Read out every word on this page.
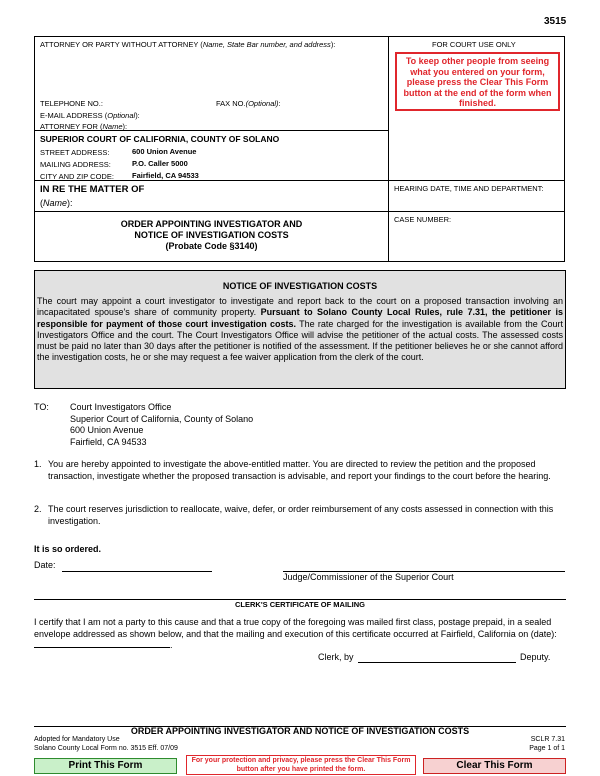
3515
ATTORNEY OR PARTY WITHOUT ATTORNEY (Name, State Bar number, and address):	FOR COURT USE ONLY
To keep other people from seeing what you entered on your form, please press the Clear This Form button at the end of the form when finished.
TELEPHONE NO.:	FAX NO.(Optional):
E-MAIL ADDRESS (Optional):
ATTORNEY FOR (Name):
SUPERIOR COURT OF CALIFORNIA, COUNTY OF SOLANO
STREET ADDRESS:	600 Union Avenue
MAILING ADDRESS:	P.O. Caller 5000
CITY AND ZIP CODE: Fairfield, CA 94533
IN RE THE MATTER OF
(Name):
HEARING DATE, TIME AND DEPARTMENT:
CASE NUMBER:
ORDER APPOINTING INVESTIGATOR AND
NOTICE OF INVESTIGATION COSTS
(Probate Code §3140)
NOTICE OF INVESTIGATION COSTS
The court may appoint a court investigator to investigate and report back to the court on a proposed transaction involving an incapacitated spouse's share of community property. Pursuant to Solano County Local Rules, rule 7.31, the petitioner is responsible for payment of those court investigation costs. The rate charged for the investigation is available from the Court Investigators Office and the court. The Court Investigators Office will advise the petitioner of the actual costs. The assessed costs must be paid no later than 30 days after the petitioner is notified of the assessment. If the petitioner believes he or she cannot afford the investigation costs, he or she may request a fee waiver application from the clerk of the court.
TO: Court Investigators Office
Superior Court of California, County of Solano
600 Union Avenue
Fairfield, CA 94533
1. You are hereby appointed to investigate the above-entitled matter. You are directed to review the petition and the proposed transaction, investigate whether the proposed transaction is advisable, and report your findings to the court before the hearing.
2. The court reserves jurisdiction to reallocate, waive, defer, or order reimbursement of any costs assessed in connection with this investigation.
It is so ordered.
Date:
Judge/Commissioner of the Superior Court
CLERK'S CERTIFICATE OF MAILING
I certify that I am not a party to this cause and that a true copy of the foregoing was mailed first class, postage prepaid, in a sealed envelope addressed as shown below, and that the mailing and execution of this certificate occurred at Fairfield, California on (date): .
Clerk, by	Deputy.
ORDER APPOINTING INVESTIGATOR AND NOTICE OF INVESTIGATION COSTS
Adopted for Mandatory Use
Solano County Local Form no. 3515 Eff. 07/09
SCLR 7.31
Page 1 of 1
Print This Form	For your protection and privacy, please press the Clear This Form button after you have printed the form.	Clear This Form
